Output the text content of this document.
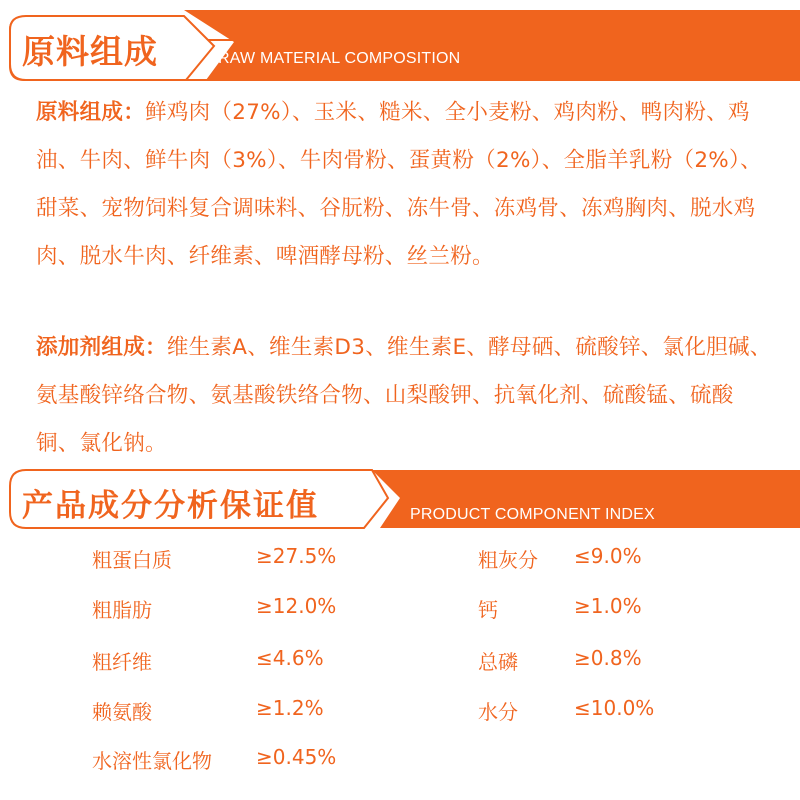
原料组成	RAW MATERIAL COMPOSITION
原料组成：鲜鸡肉（27%）、玉米、糙米、全小麦粉、鸡肉粉、鸭肉粉、鸡油、牛肉、鲜牛肉（3%）、牛肉骨粉、蛋黄粉（2%）、全脂羊乳粉（2%）、甜菜、宠物饲料复合调味料、谷朊粉、冻牛骨、冻鸡骨、冻鸡胸肉、脱水鸡肉、脱水牛肉、纤维素、啤酒酵母粉、丝兰粉。
添加剂组成：维生素A、维生素D3、维生素E、酵母硒、硫酸锌、氯化胆碱、氨基酸锌络合物、氨基酸铁络合物、山梨酸钾、抗氧化剂、硫酸锰、硫酸铜、氯化钠。
产品成分分析保证值	PRODUCT COMPONENT INDEX
粗蛋白质	≥27.5%	粗灰分 ≤9.0%
粗脂肪	≥12.0%	钙	≥1.0%
粗纤维	≤4.6%	总磷	≥0.8%
赖氨酸	≥1.2%	水分	≤10.0%
水溶性氯化物 ≥0.45%
